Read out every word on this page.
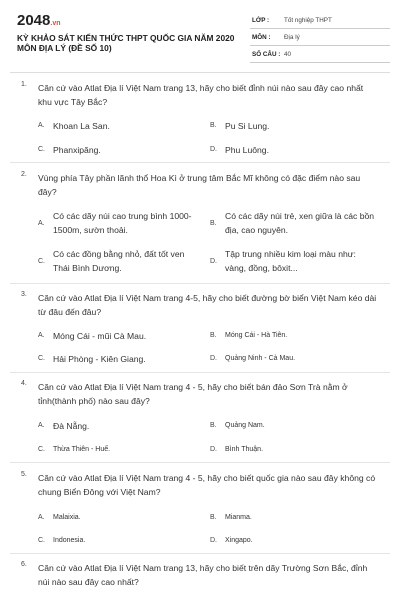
2048.vn
KỲ KHẢO SÁT KIẾN THỨC THPT QUỐC GIA NĂM 2020
MÔN ĐỊA LÝ (ĐỀ SỐ 10)
LỚP : Tốt nghiệp THPT
MÔN : Địa lý
SỐ CÂU : 40
1. Căn cứ vào Atlat Địa lí Việt Nam trang 13, hãy cho biết đỉnh núi nào sau đây cao nhất khu vực Tây Bắc?
A. Khoan La San.	B. Pu Si Lung.
C. Phanxipăng.	D. Phu Luông.
2. Vùng phía Tây phần lãnh thổ Hoa Kì ở trung tâm Bắc Mĩ không có đặc điểm nào sau đây?
A.
Có các dãy núi cao trung bình 1000-1500m, sườn thoải.
B.
Có các dãy núi trẻ, xen giữa là các bồn địa, cao nguyên.
C.
Có các đồng bằng nhỏ, đất tốt ven Thái Bình Dương.
D.
Tập trung nhiều kim loại màu như: vàng, đồng, bôxit...
3. Căn cứ vào Atlat Địa lí Việt Nam trang 4-5, hãy cho biết đường bờ biển Việt Nam kéo dài từ đâu đến đâu?
A. Móng Cái - mũi Cà Mau.	B. Móng Cái - Hà Tiên.
C. Hải Phòng - Kiên Giang.	D. Quảng Ninh - Cà Mau.
4. Căn cứ vào Atlat Địa lí Việt Nam trang 4 - 5, hãy cho biết bán đảo Sơn Trà nằm ở tỉnh(thành phố) nào sau đây?
A. Đà Nẵng.	B. Quảng Nam.
C. Thừa Thiên - Huế.	D. Bình Thuận.
5. Căn cứ vào Atlat Địa lí Việt Nam trang 4 - 5, hãy cho biết quốc gia nào sau đây không có chung Biển Đông với Việt Nam?
A. Malaixia.	B. Mianma.
C. Indonesia.	D. Xingapo.
6. Căn cứ vào Atlat Địa lí Việt Nam trang 13, hãy cho biết trên dãy Trường Sơn Bắc, đỉnh núi nào sau đây cao nhất?
